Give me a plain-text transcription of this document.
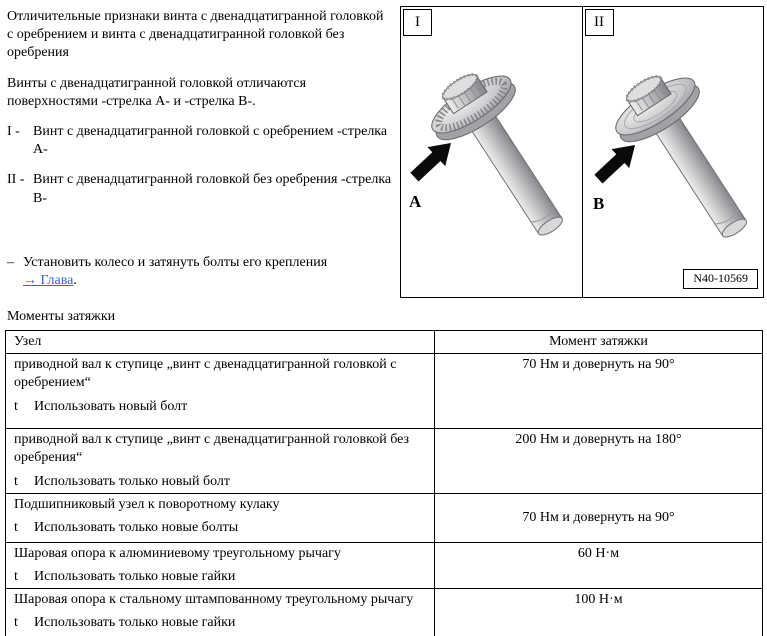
Отличительные признаки винта с двенадцатигранной головкой с оребрением и винта с двенадцатигранной головкой без оребрения

Винты с двенадцатигранной головкой отличаются поверхностями -стрелка A- и -стрелка B-.

I - Винт с двенадцатигранной головкой с оребрением -стрелка A-
II - Винт с двенадцатигранной головкой без оребрения -стрелка B-
– Установить колесо и затянуть болты его крепления
→ Глава.
I
A
II
B
N40-10569
Моменты затяжки
Узел	Момент затяжки

приводной вал к ступице „винт с двенадцатигранной головкой с оребрением“
t Использовать новый болт	70 Нм и довернуть на 90°

приводной вал к ступице „винт с двенадцатигранной головкой без оребрения“
t Использовать только новый болт	200 Нм и довернуть на 180°

Подшипниковый узел к поворотному кулаку
t Использовать только новые болты	70 Нм и довернуть на 90°

Шаровая опора к алюминиевому треугольному рычагу
t Использовать только новые гайки	60 Н·м

Шаровая опора к стальному штампованному треугольному рычагу
t Использовать только новые гайки	100 Н·м
